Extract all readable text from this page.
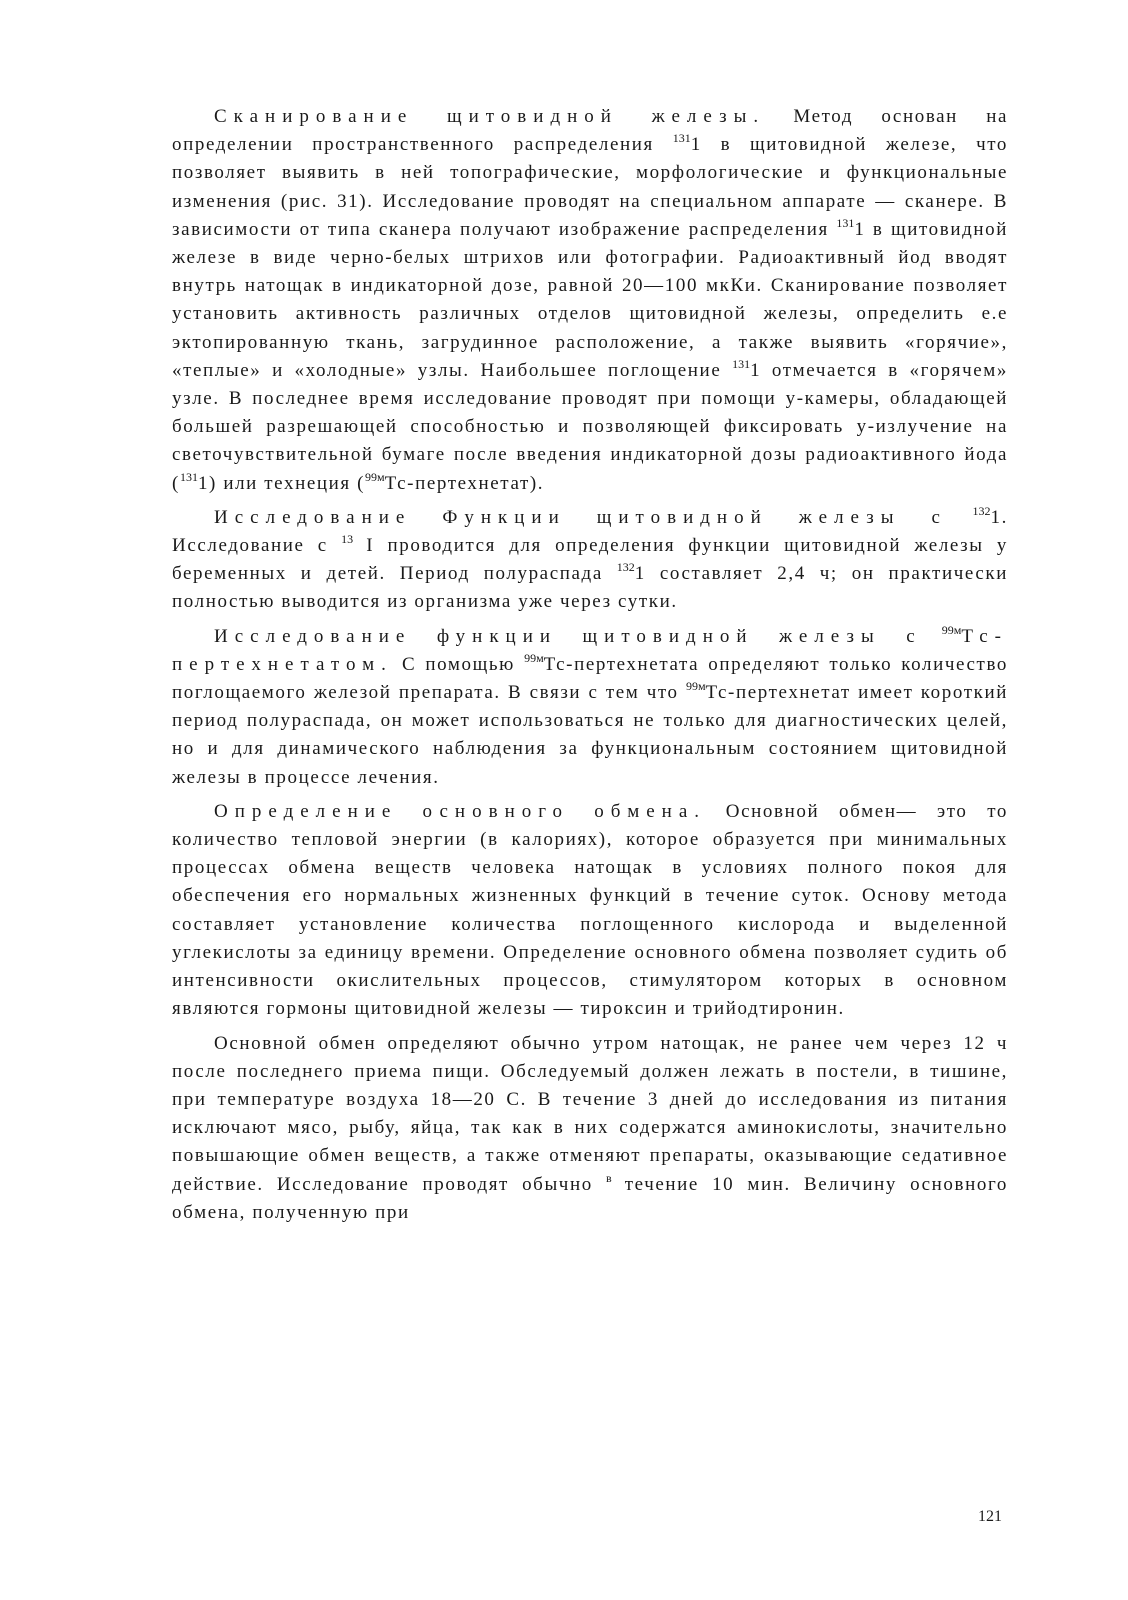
Сканирование щитовидной железы. Метод основан на определении пространственного распределения $^{131}$1 в щитовидной железе, что позволяет выявить в ней топографические, морфологические и функциональные изменения (рис. 31). Исследование проводят на специальном аппарате — сканере. В зависимости от типа сканера получают изображение распределения $^{131}$1 в щитовидной железе в виде черно-белых штрихов или фотографии. Радиоактивный йод вводят внутрь натощак в индикаторной дозе, равной 20—100 мкКи. Сканирование позволяет установить активность различных отделов щитовидной железы, определить е.е эктопированную ткань, загрудинное расположение, а также выявить «горячие», «теплые» и «холодные» узлы. Наибольшее поглощение $^{131}$1 отмечается в «горячем» узле. В последнее время исследование проводят при помощи у-камеры, обладающей большей разрешающей способностью и позволяющей фиксировать у-излучение на светочувствительной бумаге после введения индикаторной дозы радиоактивного йода ($^{131}$1) или технеция ($^{99м}$Тс-пертехнетат).

Исследование Функции щитовидной железы с $^{132}$1. Исследование с $^{13}$ I проводится для определения функции щитовидной железы у беременных и детей. Период полураспада $^{132}$1 составляет 2,4 ч; он практически полностью выводится из организма уже через сутки.

Исследование функции щитовидной железы с $^{99м}$Тс-пертехнетатом. С помощью $^{99м}$Тс-пертехнетата определяют только количество поглощаемого железой препарата. В связи с тем что $^{99м}$Тс-пертехнетат имеет короткий период полураспада, он может использоваться не только для диагностических целей, но и для динамического наблюдения за функциональным состоянием щитовидной железы в процессе лечения.

Определение основного обмена. Основной обмен— это то количество тепловой энергии (в калориях), которое образуется при минимальных процессах обмена веществ человека натощак в условиях полного покоя для обеспечения его нормальных жизненных функций в течение суток. Основу метода составляет установление количества поглощенного кислорода и выделенной углекислоты за единицу времени. Определение основного обмена позволяет судить об интенсивности окислительных процессов, стимулятором которых в основном являются гормоны щитовидной железы — тироксин и трийодтиронин.

Основной обмен определяют обычно утром натощак, не ранее чем через 12 ч после последнего приема пищи. Обследуемый должен лежать в постели, в тишине, при температуре воздуха 18—20 С. В течение 3 дней до исследования из питания исключают мясо, рыбу, яйца, так как в них содержатся аминокислоты, значительно повышающие обмен веществ, а также отменяют препараты, оказывающие седативное действие. Исследование проводят обычно $^в$ течение 10 мин. Величину основного обмена, полученную при

121
